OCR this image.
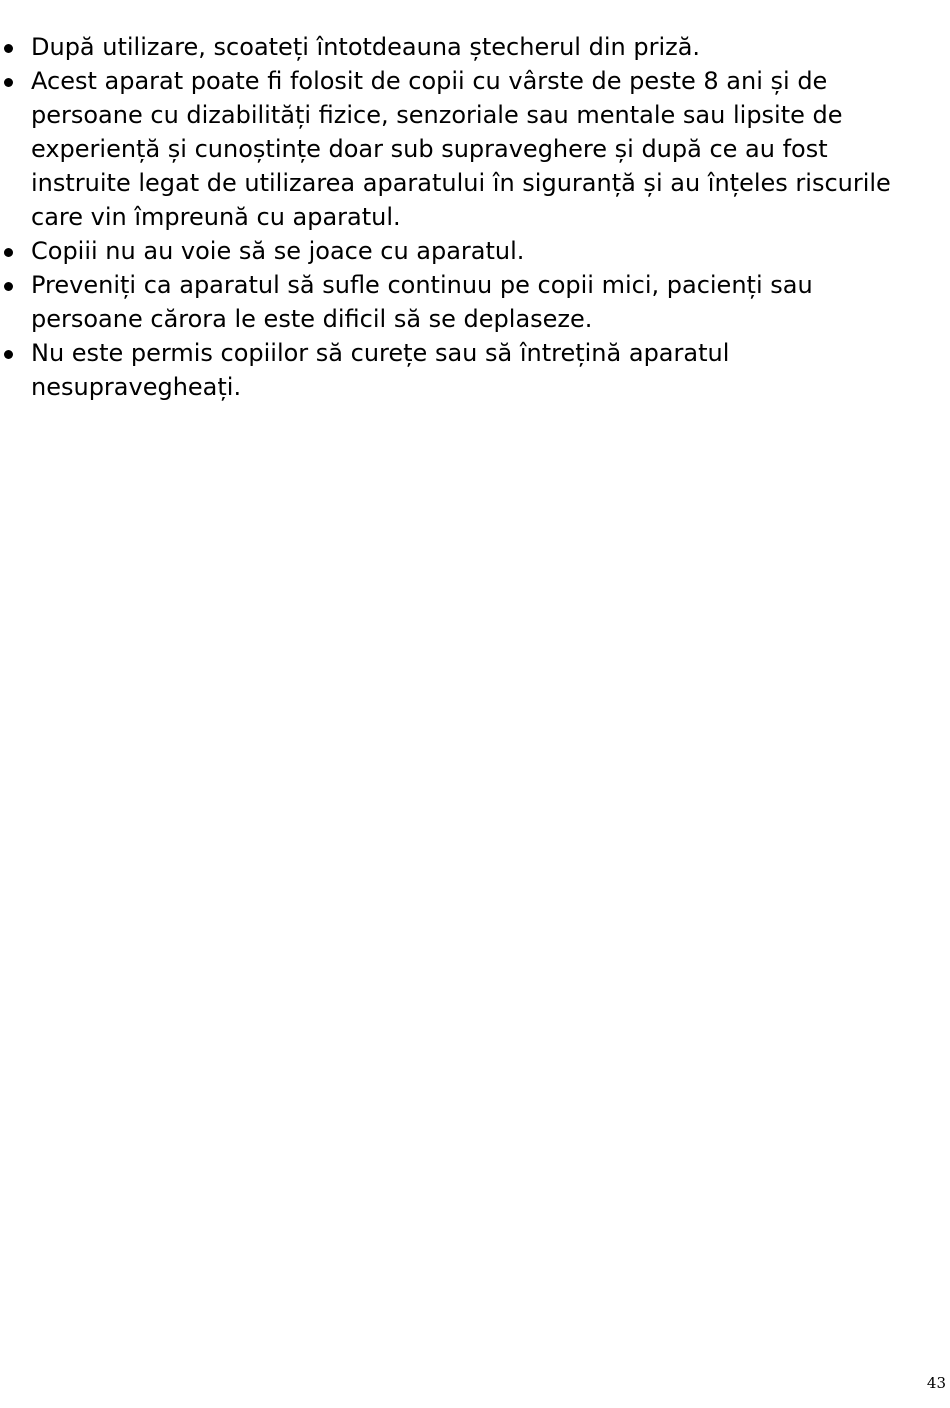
După utilizare, scoateți întotdeauna ștecherul din priză.
Acest aparat poate fi folosit de copii cu vârste de peste 8 ani și de persoane cu dizabilități fizice, senzoriale sau mentale sau lipsite de experiență și cunoștințe doar sub supraveghere și după ce au fost instruite legat de utilizarea aparatului în siguranță și au înțeles riscurile care vin împreună cu aparatul.
Copiii nu au voie să se joace cu aparatul.
Preveniți ca aparatul să sufle continuu pe copii mici, pacienți sau persoane cărora le este dificil să se deplaseze.
Nu este permis copiilor să curețe sau să întrețină aparatul nesupravegheați.
43
